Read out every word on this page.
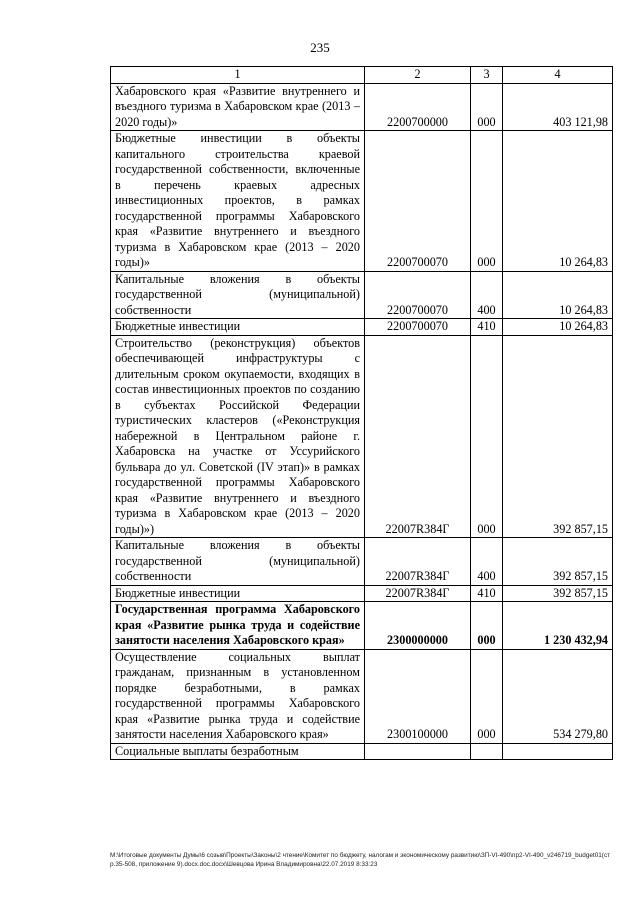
235
1	2	3	4
Хабаровского края «Развитие внутреннего и въездного туризма в Хабаровском крае (2013 – 2020 годы)»	2200700000	000	403 121,98
Бюджетные инвестиции в объекты капитального строительства краевой государственной собственности, включенные в перечень краевых адресных инвестиционных проектов, в рамках государственной программы Хабаровского края «Развитие внутреннего и въездного туризма в Хабаровском крае (2013 – 2020 годы)»	2200700070	000	10 264,83
Капитальные вложения в объекты государственной (муниципальной) собственности	2200700070	400	10 264,83
Бюджетные инвестиции	2200700070	410	10 264,83
Строительство (реконструкция) объектов обеспечивающей инфраструктуры с длительным сроком окупаемости, входящих в состав инвестиционных проектов по созданию в субъектах Российской Федерации туристических кластеров («Реконструкция набережной в Центральном районе г. Хабаровска на участке от Уссурийского бульвара до ул. Советской (IV этап)» в рамках государственной программы Хабаровского края «Развитие внутреннего и въездного туризма в Хабаровском крае (2013 – 2020 годы)»)	22007R384Г	000	392 857,15
Капитальные вложения в объекты государственной (муниципальной) собственности	22007R384Г	400	392 857,15
Бюджетные инвестиции	22007R384Г	410	392 857,15
Государственная программа Хабаровского края «Развитие рынка труда и содействие занятости населения Хабаровского края»	2300000000	000	1 230 432,94
Осуществление социальных выплат гражданам, признанным в установленном порядке безработными, в рамках государственной программы Хабаровского края «Развитие рынка труда и содействие занятости населения Хабаровского края»	2300100000	000	534 279,80
Социальные выплаты безработным			
М:\Итоговые документы Думы\6 созыв\Проекты\Законы\2 чтение\Комитет по бюджету, налогам и экономическому развитию\ЗП-VI-490\пр2-VI-490_v246719_budget01(стр.35-508, приложение 9).docx.doc.docx\Шевцова Ирина Владимировна\22.07.2019 8:33:23
